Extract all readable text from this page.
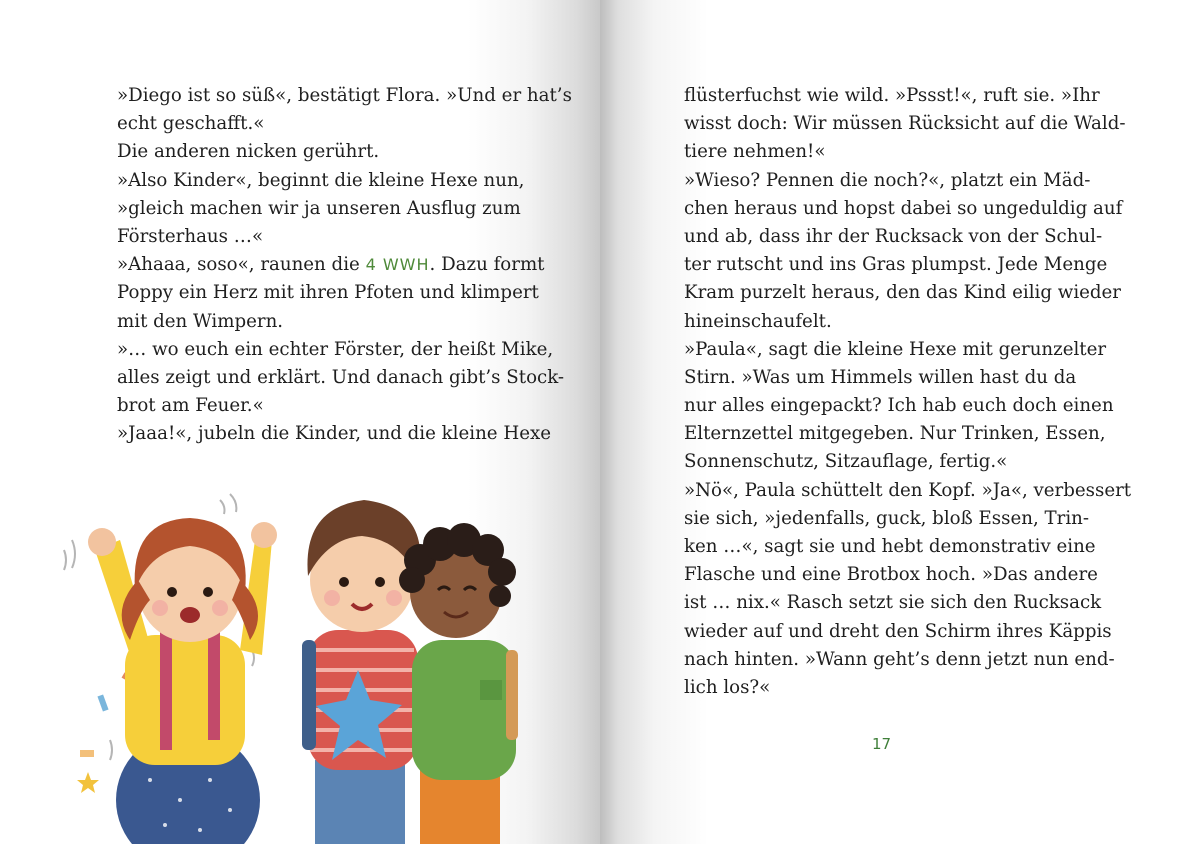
»Diego ist so süß«, bestätigt Flora. »Und er hat’s
echt geschafft.«
Die anderen nicken gerührt.
»Also Kinder«, beginnt die kleine Hexe nun,
»gleich machen wir ja unseren Ausflug zum
Försterhaus …«
»Ahaaa, soso«, raunen die 4 WWH. Dazu formt
Poppy ein Herz mit ihren Pfoten und klimpert
mit den Wimpern.
»… wo euch ein echter Förster, der heißt Mike,
alles zeigt und erklärt. Und danach gibt’s Stock-
brot am Feuer.«
»Jaaa!«, jubeln die Kinder, und die kleine Hexe
flüsterfuchst wie wild. »Pssst!«, ruft sie. »Ihr
wisst doch: Wir müssen Rücksicht auf die Wald-
tiere nehmen!«
»Wieso? Pennen die noch?«, platzt ein Mäd-
chen heraus und hopst dabei so ungeduldig auf
und ab, dass ihr der Rucksack von der Schul-
ter rutscht und ins Gras plumpst. Jede Menge
Kram purzelt heraus, den das Kind eilig wieder
hineinschaufelt.
»Paula«, sagt die kleine Hexe mit gerunzelter
Stirn. »Was um Himmels willen hast du da
nur alles eingepackt? Ich hab euch doch einen
Elternzettel mitgegeben. Nur Trinken, Essen,
Sonnenschutz, Sitzauflage, fertig.«
»Nö«, Paula schüttelt den Kopf. »Ja«, verbessert
sie sich, »jedenfalls, guck, bloß Essen, Trin-
ken …«, sagt sie und hebt demonstrativ eine
Flasche und eine Brotbox hoch. »Das andere
ist … nix.« Rasch setzt sie sich den Rucksack
wieder auf und dreht den Schirm ihres Käppis
nach hinten. »Wann geht’s denn jetzt nun end-
lich los?«
17
